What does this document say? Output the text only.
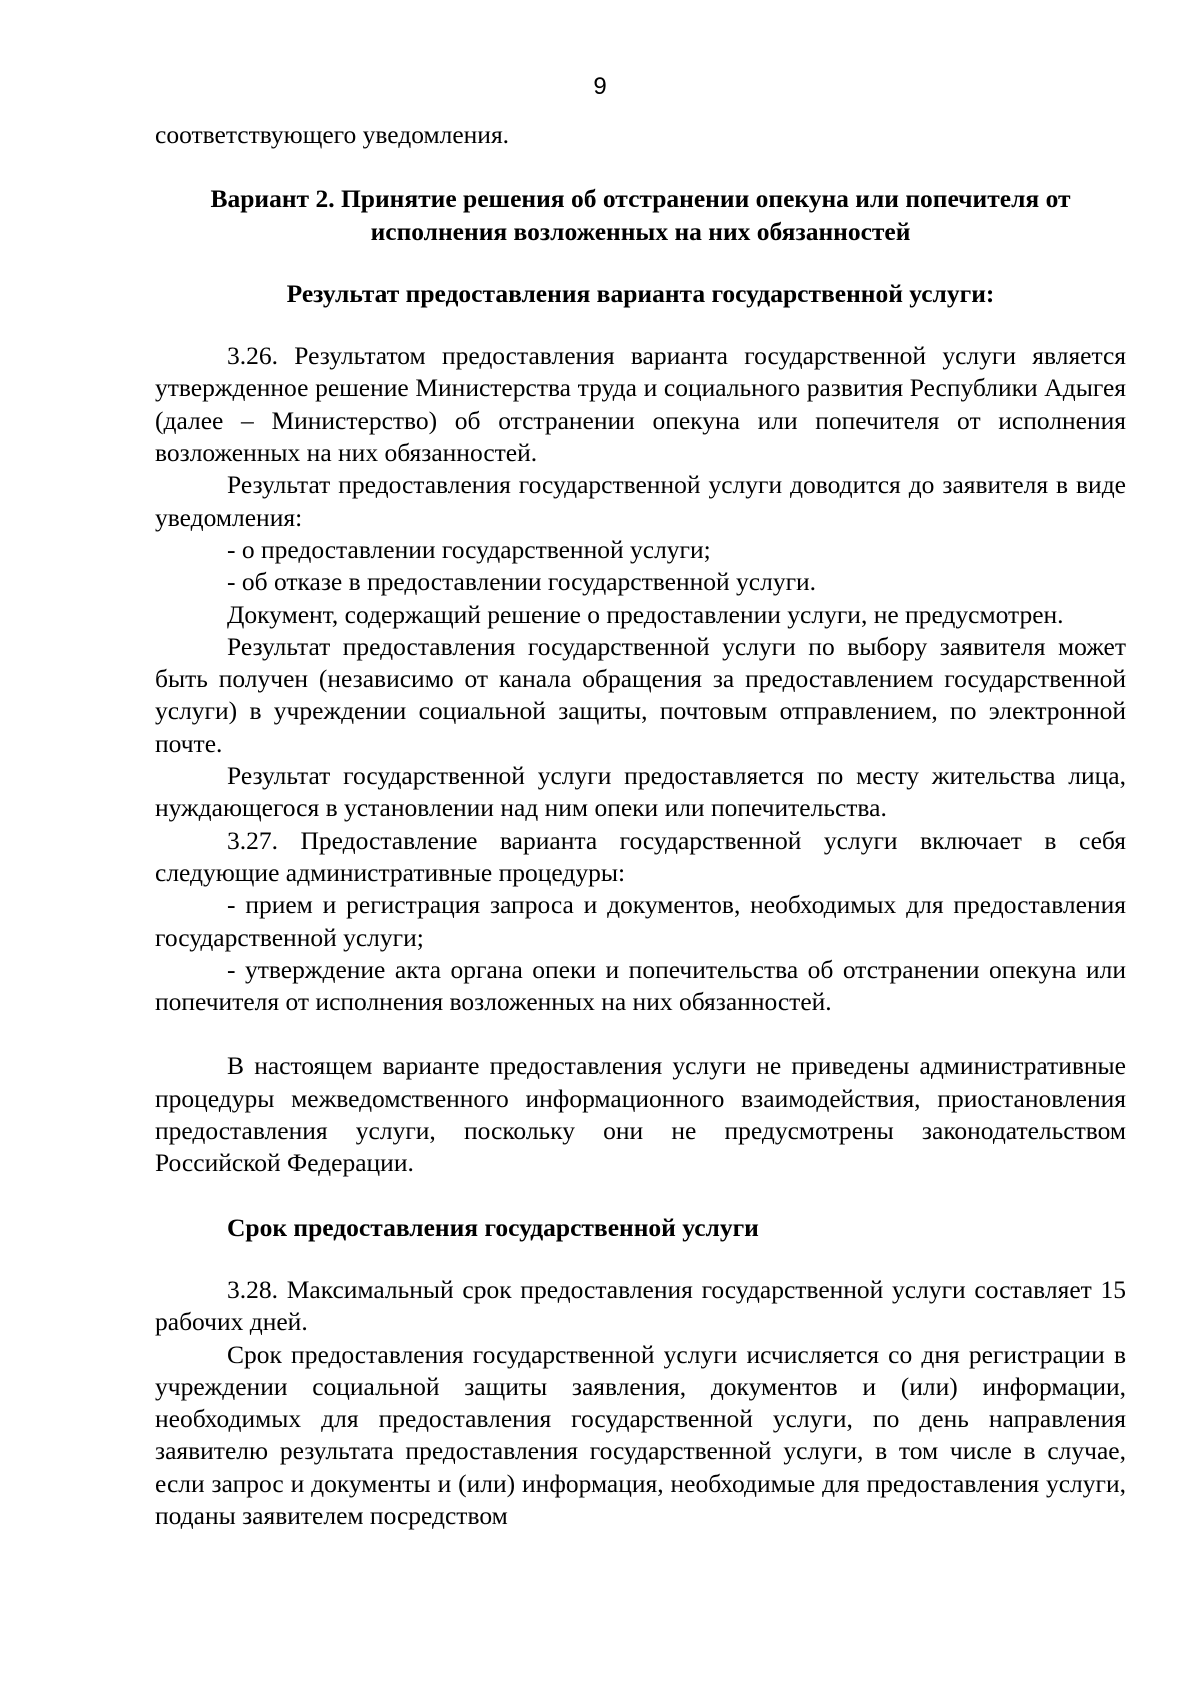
9

соответствующего уведомления.

Вариант 2. Принятие решения об отстранении опекуна или попечителя от исполнения возложенных на них обязанностей

Результат предоставления варианта государственной услуги:

3.26. Результатом предоставления варианта государственной услуги является утвержденное решение Министерства труда и социального развития Республики Адыгея (далее – Министерство) об отстранении опекуна или попечителя от исполнения возложенных на них обязанностей.

Результат предоставления государственной услуги доводится до заявителя в виде уведомления:

- о предоставлении государственной услуги;

- об отказе в предоставлении государственной услуги.

Документ, содержащий решение о предоставлении услуги, не предусмотрен.

Результат предоставления государственной услуги по выбору заявителя может быть получен (независимо от канала обращения за предоставлением государственной услуги) в учреждении социальной защиты, почтовым отправлением, по электронной почте.

Результат государственной услуги предоставляется по месту жительства лица, нуждающегося в установлении над ним опеки или попечительства.

3.27. Предоставление варианта государственной услуги включает в себя следующие административные процедуры:

- прием и регистрация запроса и документов, необходимых для предоставления государственной услуги;

- утверждение акта органа опеки и попечительства об отстранении опекуна или попечителя от исполнения возложенных на них обязанностей.

В настоящем варианте предоставления услуги не приведены административные процедуры межведомственного информационного взаимодействия, приостановления предоставления услуги, поскольку они не предусмотрены законодательством Российской Федерации.

Срок предоставления государственной услуги

3.28. Максимальный срок предоставления государственной услуги составляет 15 рабочих дней.

Срок предоставления государственной услуги исчисляется со дня регистрации в учреждении социальной защиты заявления, документов и (или) информации, необходимых для предоставления государственной услуги, по день направления заявителю результата предоставления государственной услуги, в том числе в случае, если запрос и документы и (или) информация, необходимые для предоставления услуги, поданы заявителем посредством
